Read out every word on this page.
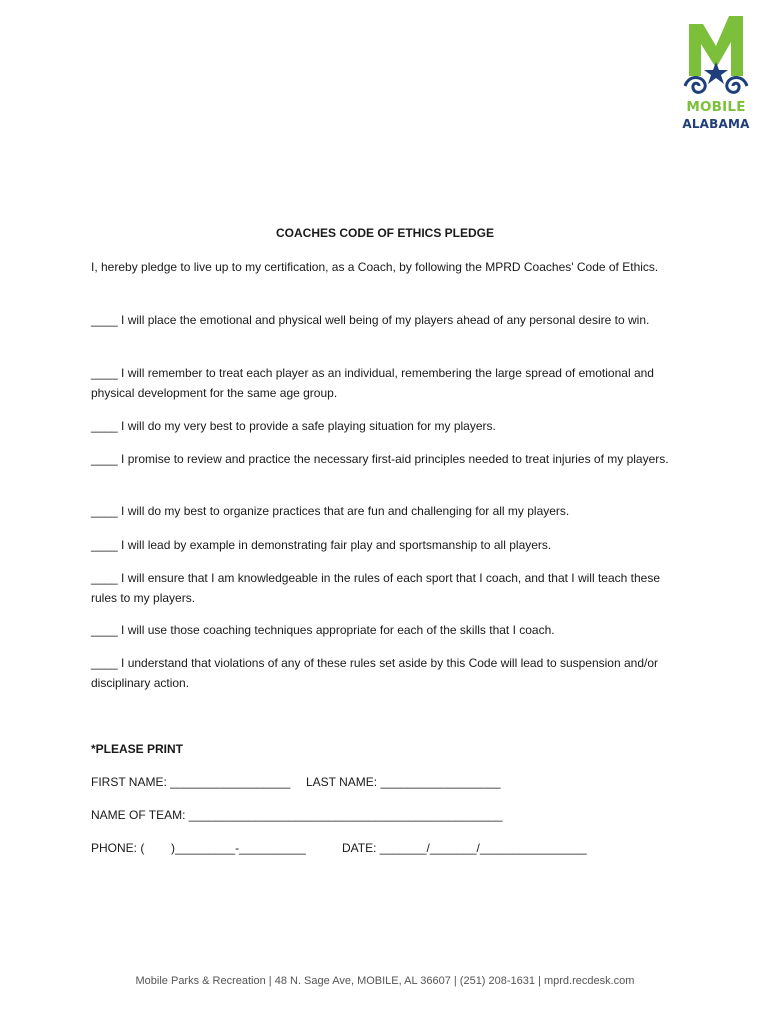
MOBILE
ALABAMA
COACHES CODE OF ETHICS PLEDGE

I, hereby pledge to live up to my certification, as a Coach, by following the MPRD Coaches' Code of Ethics.

____ I will place the emotional and physical well being of my players ahead of any personal desire to win.

____ I will remember to treat each player as an individual, remembering the large spread of emotional and physical development for the same age group.

____ I will do my very best to provide a safe playing situation for my players.

____ I promise to review and practice the necessary first-aid principles needed to treat injuries of my players.

____ I will do my best to organize practices that are fun and challenging for all my players.

____ I will lead by example in demonstrating fair play and sportsmanship to all players.

____ I will ensure that I am knowledgeable in the rules of each sport that I coach, and that I will teach these rules to my players.

____ I will use those coaching techniques appropriate for each of the skills that I coach.

____ I understand that violations of any of these rules set aside by this Code will lead to suspension and/or disciplinary action.

*PLEASE PRINT

FIRST NAME: __________________ LAST NAME: __________________

NAME OF TEAM: _______________________________________________

PHONE: (        )_________-__________	DATE: _______/_______/________________

Mobile Parks & Recreation | 48 N. Sage Ave, MOBILE, AL 36607 | (251) 208-1631 | mprd.recdesk.com
